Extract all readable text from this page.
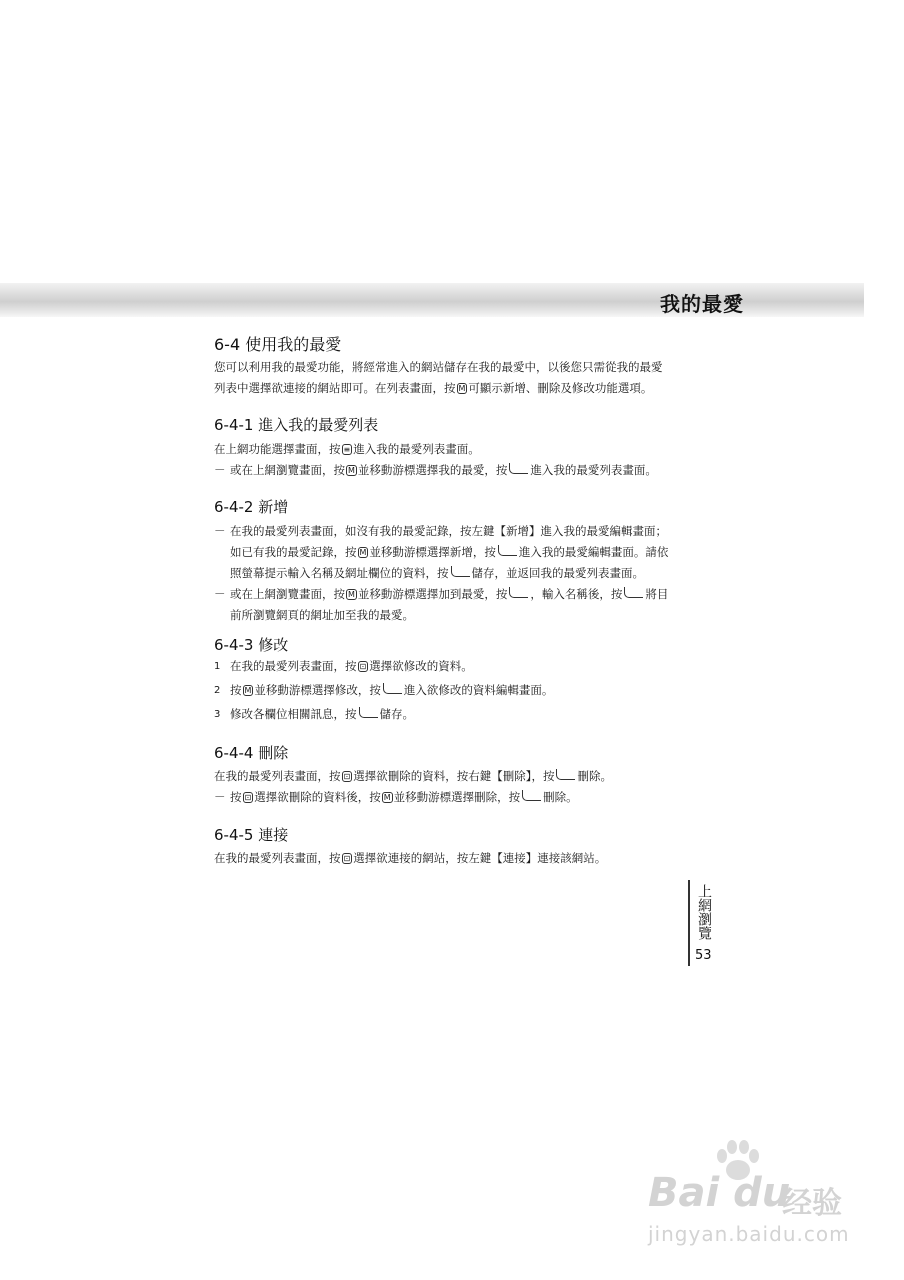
我的最愛
6-4 使用我的最愛

您可以利用我的最愛功能，將經常進入的網站儲存在我的最愛中，以後您只需從我的最愛

列表中選擇欲連接的網站即可。在列表畫面，按 M 可顯示新增、刪除及修改功能選項。

6-4-1 進入我的最愛列表

在上網功能選擇畫面，按 ≡ 進入我的最愛列表畫面。

－ 或在上網瀏覽畫面，按 M 並移動游標選擇我的最愛，按 進入我的最愛列表畫面。

6-4-2 新增
－ 在我的最愛列表畫面，如沒有我的最愛記錄，按左鍵【新增】進入我的最愛編輯畫面；

如已有我的最愛記錄，按 M 並移動游標選擇新增，按 進入我的最愛編輯畫面。請依

照螢幕提示輸入名稱及網址欄位的資料，按 儲存，並返回我的最愛列表畫面。

－ 或在上網瀏覽畫面，按 M 並移動游標選擇加到最愛，按 ，輸入名稱後，按 將目

前所瀏覽網頁的網址加至我的最愛。

6-4-3 修改
1 在我的最愛列表畫面，按 ⊡ 選擇欲修改的資料。
2 按 M 並移動游標選擇修改，按 進入欲修改的資料編輯畫面。
3 修改各欄位相關訊息，按 儲存。
6-4-4 刪除

在我的最愛列表畫面，按 ⊡ 選擇欲刪除的資料，按右鍵【刪除】，按 刪除。

－ 按 ⊡ 選擇欲刪除的資料後，按 M 並移動游標選擇刪除，按 刪除。

6-4-5 連接

在我的最愛列表畫面，按 ⊡ 選擇欲連接的網站，按左鍵【連接】連接該網站。

上網瀏覽
53
Bai du
经验
jingyan.baidu.com
